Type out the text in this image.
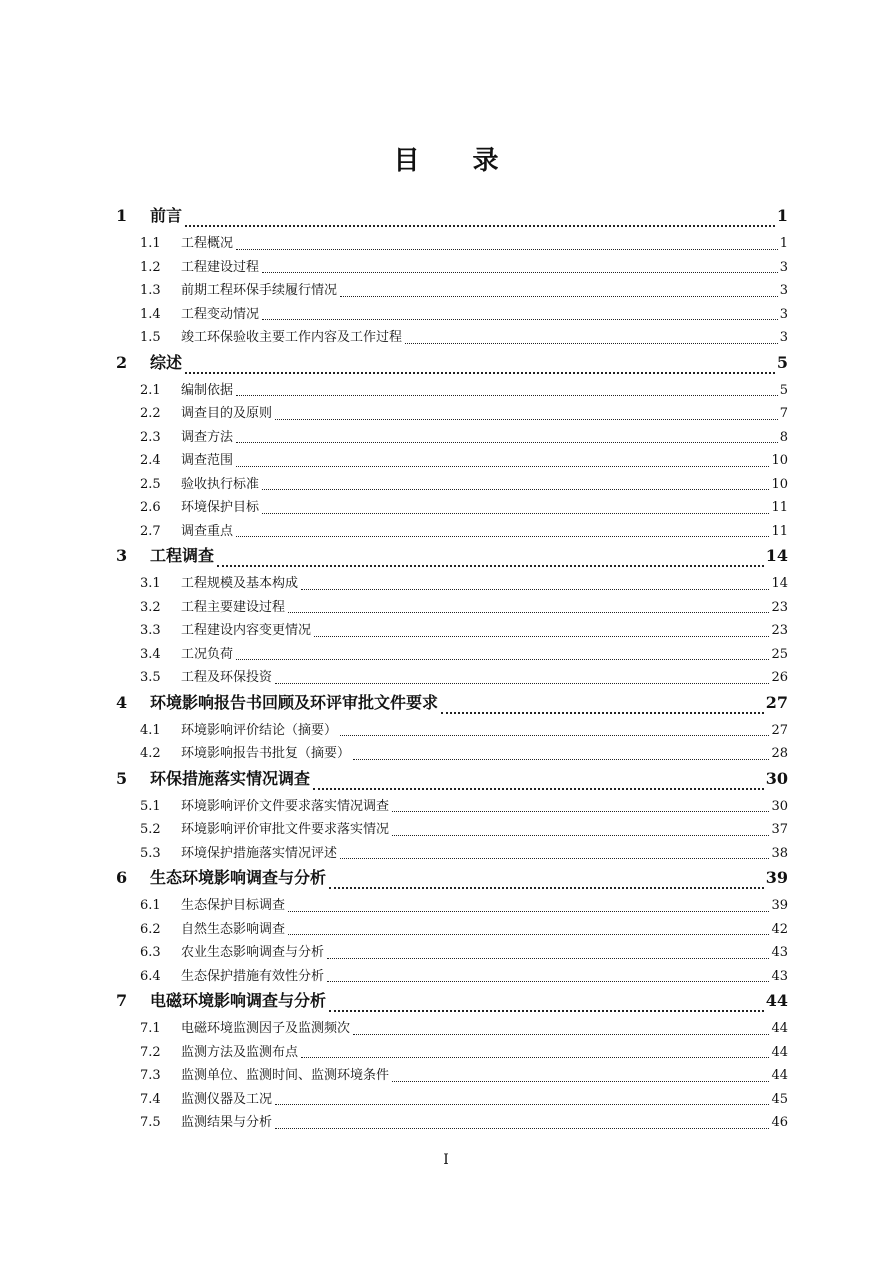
目 录
1	前言	1
1.1	工程概况	1
1.2	工程建设过程	3
1.3	前期工程环保手续履行情况	3
1.4	工程变动情况	3
1.5	竣工环保验收主要工作内容及工作过程	3
2	综述	5
2.1	编制依据	5
2.2	调查目的及原则	7
2.3	调查方法	8
2.4	调查范围	10
2.5	验收执行标准	10
2.6	环境保护目标	11
2.7	调查重点	11
3	工程调查	14
3.1	工程规模及基本构成	14
3.2	工程主要建设过程	23
3.3	工程建设内容变更情况	23
3.4	工况负荷	25
3.5	工程及环保投资	26
4	环境影响报告书回顾及环评审批文件要求	27
4.1	环境影响评价结论（摘要）	27
4.2	环境影响报告书批复（摘要）	28
5	环保措施落实情况调查	30
5.1	环境影响评价文件要求落实情况调查	30
5.2	环境影响评价审批文件要求落实情况	37
5.3	环境保护措施落实情况评述	38
6	生态环境影响调查与分析	39
6.1	生态保护目标调查	39
6.2	自然生态影响调查	42
6.3	农业生态影响调查与分析	43
6.4	生态保护措施有效性分析	43
7	电磁环境影响调查与分析	44
7.1	电磁环境监测因子及监测频次	44
7.2	监测方法及监测布点	44
7.3	监测单位、监测时间、监测环境条件	44
7.4	监测仪器及工况	45
7.5	监测结果与分析	46
I
